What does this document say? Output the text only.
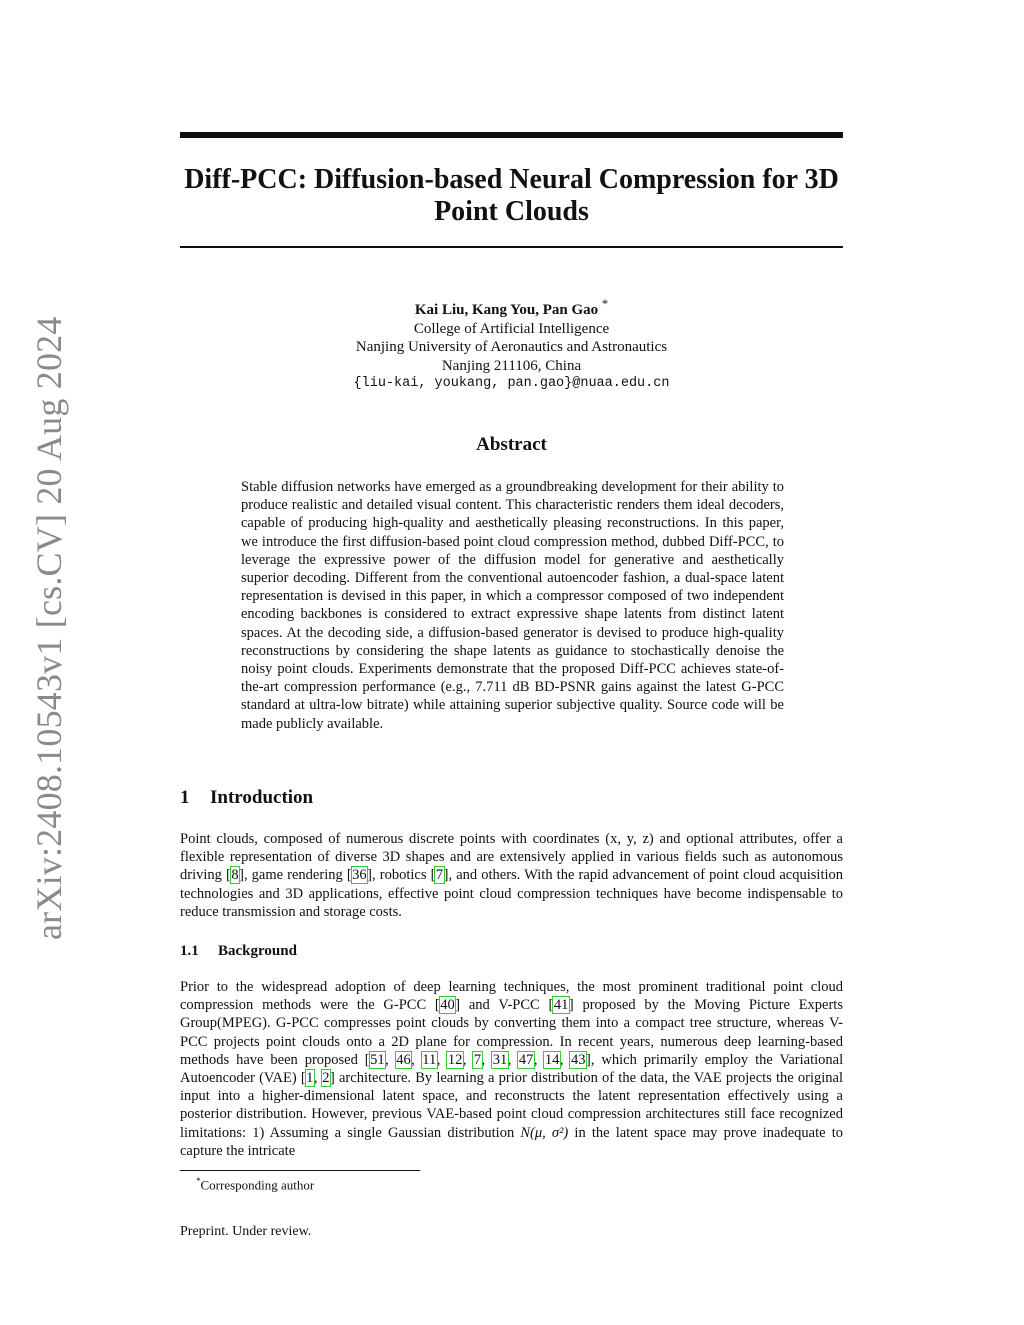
arXiv:2408.10543v1 [cs.CV] 20 Aug 2024
Diff-PCC: Diffusion-based Neural Compression for 3D Point Clouds
Kai Liu, Kang You, Pan Gao *
College of Artificial Intelligence
Nanjing University of Aeronautics and Astronautics
Nanjing 211106, China
{liu-kai, youkang, pan.gao}@nuaa.edu.cn
Abstract

Stable diffusion networks have emerged as a groundbreaking development for their ability to produce realistic and detailed visual content. This characteristic renders them ideal decoders, capable of producing high-quality and aesthetically pleasing reconstructions. In this paper, we introduce the first diffusion-based point cloud compression method, dubbed Diff-PCC, to leverage the expressive power of the diffusion model for generative and aesthetically superior decoding. Different from the conventional autoencoder fashion, a dual-space latent representation is devised in this paper, in which a compressor composed of two independent encoding backbones is considered to extract expressive shape latents from distinct latent spaces. At the decoding side, a diffusion-based generator is devised to produce high-quality reconstructions by considering the shape latents as guidance to stochastically denoise the noisy point clouds. Experiments demonstrate that the proposed Diff-PCC achieves state-of-the-art compression performance (e.g., 7.711 dB BD-PSNR gains against the latest G-PCC standard at ultra-low bitrate) while attaining superior subjective quality. Source code will be made publicly available.

1 Introduction

Point clouds, composed of numerous discrete points with coordinates (x, y, z) and optional attributes, offer a flexible representation of diverse 3D shapes and are extensively applied in various fields such as autonomous driving [8], game rendering [36], robotics [7], and others. With the rapid advancement of point cloud acquisition technologies and 3D applications, effective point cloud compression techniques have become indispensable to reduce transmission and storage costs.

1.1 Background

Prior to the widespread adoption of deep learning techniques, the most prominent traditional point cloud compression methods were the G-PCC [40] and V-PCC [41] proposed by the Moving Picture Experts Group(MPEG). G-PCC compresses point clouds by converting them into a compact tree structure, whereas V-PCC projects point clouds onto a 2D plane for compression. In recent years, numerous deep learning-based methods have been proposed [51, 46, 11, 12, 7, 31, 47, 14, 43], which primarily employ the Variational Autoencoder (VAE) [1, 2] architecture. By learning a prior distribution of the data, the VAE projects the original input into a higher-dimensional latent space, and reconstructs the latent representation effectively using a posterior distribution. However, previous VAE-based point cloud compression architectures still face recognized limitations: 1) Assuming a single Gaussian distribution N(μ, σ²) in the latent space may prove inadequate to capture the intricate

*Corresponding author

Preprint. Under review.
